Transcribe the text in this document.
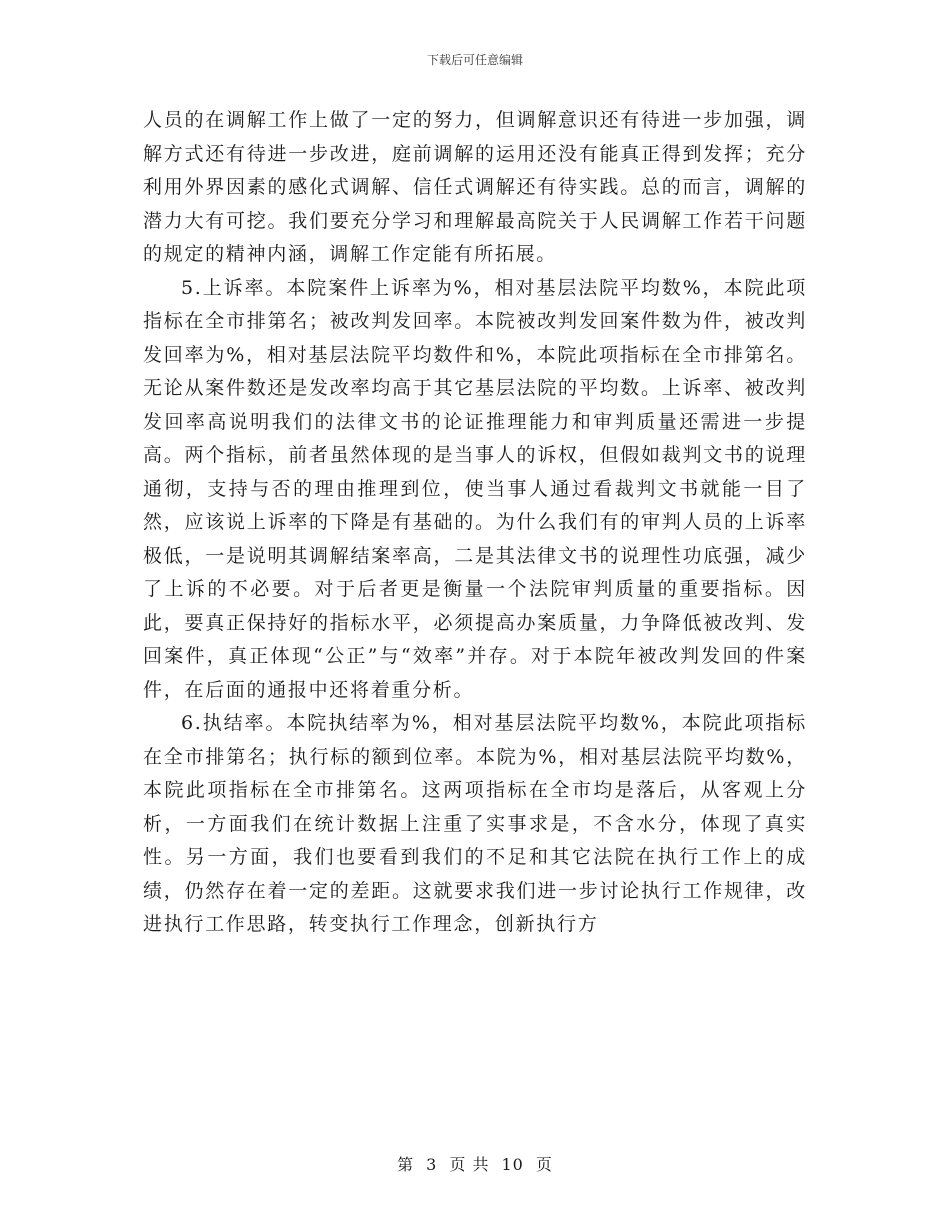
下载后可任意编辑

人员的在调解工作上做了一定的努力，但调解意识还有待进一步加强，调解方式还有待进一步改进，庭前调解的运用还没有能真正得到发挥；充分利用外界因素的感化式调解、信任式调解还有待实践。总的而言，调解的潜力大有可挖。我们要充分学习和理解最高院关于人民调解工作若干问题的规定的精神内涵，调解工作定能有所拓展。

5.上诉率。本院案件上诉率为%，相对基层法院平均数%，本院此项指标在全市排第名；被改判发回率。本院被改判发回案件数为件，被改判发回率为%，相对基层法院平均数件和%，本院此项指标在全市排第名。无论从案件数还是发改率均高于其它基层法院的平均数。上诉率、被改判发回率高说明我们的法律文书的论证推理能力和审判质量还需进一步提高。两个指标，前者虽然体现的是当事人的诉权，但假如裁判文书的说理通彻，支持与否的理由推理到位，使当事人通过看裁判文书就能一目了然，应该说上诉率的下降是有基础的。为什么我们有的审判人员的上诉率极低，一是说明其调解结案率高，二是其法律文书的说理性功底强，减少了上诉的不必要。对于后者更是衡量一个法院审判质量的重要指标。因此，要真正保持好的指标水平，必须提高办案质量，力争降低被改判、发回案件，真正体现“公正”与“效率”并存。对于本院年被改判发回的件案件，在后面的通报中还将着重分析。

6.执结率。本院执结率为%，相对基层法院平均数%，本院此项指标在全市排第名；执行标的额到位率。本院为%，相对基层法院平均数%，本院此项指标在全市排第名。这两项指标在全市均是落后，从客观上分析，一方面我们在统计数据上注重了实事求是，不含水分，体现了真实性。另一方面，我们也要看到我们的不足和其它法院在执行工作上的成绩，仍然存在着一定的差距。这就要求我们进一步讨论执行工作规律，改进执行工作思路，转变执行工作理念，创新执行方

第 3 页 共 10 页
